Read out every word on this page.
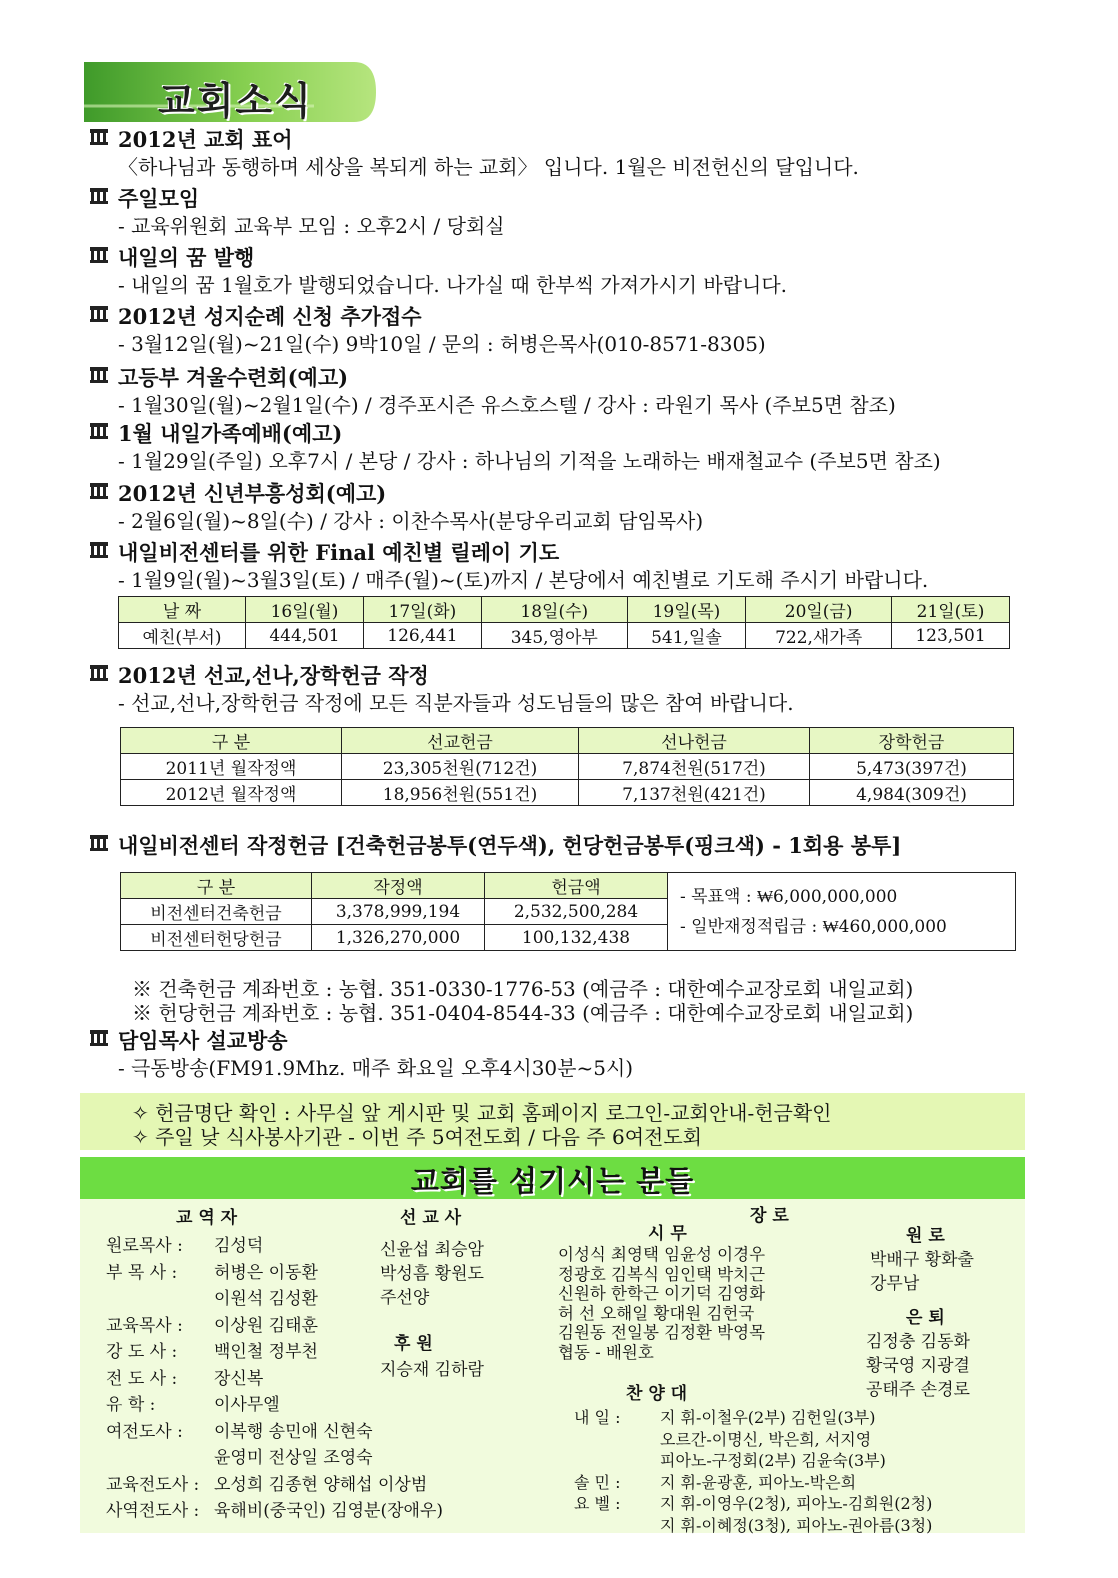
교회소식
2012년 교회 표어
〈하나님과 동행하며 세상을 복되게 하는 교회〉 입니다. 1월은 비전헌신의 달입니다.
주일모임
- 교육위원회 교육부 모임 : 오후2시 / 당회실
내일의 꿈 발행
- 내일의 꿈 1월호가 발행되었습니다. 나가실 때 한부씩 가져가시기 바랍니다.
2012년 성지순례 신청 추가접수
- 3월12일(월)~21일(수) 9박10일 / 문의 : 허병은목사(010-8571-8305)
고등부 겨울수련회(예고)
- 1월30일(월)~2월1일(수) / 경주포시즌 유스호스텔 / 강사 : 라원기 목사 (주보5면 참조)
1월 내일가족예배(예고)
- 1월29일(주일) 오후7시 / 본당 / 강사 : 하나님의 기적을 노래하는 배재철교수 (주보5면 참조)
2012년 신년부흥성회(예고)
- 2월6일(월)~8일(수) / 강사 : 이찬수목사(분당우리교회 담임목사)
내일비전센터를 위한 Final 예친별 릴레이 기도
- 1월9일(월)~3월3일(토) / 매주(월)~(토)까지 / 본당에서 예친별로 기도해 주시기 바랍니다.
2012년 선교,선나,장학헌금 작정
- 선교,선나,장학헌금 작정에 모든 직분자들과 성도님들의 많은 참여 바랍니다.
내일비전센터 작정헌금 [건축헌금봉투(연두색), 헌당헌금봉투(핑크색) - 1회용 봉투]
담임목사 설교방송
- 극동방송(FM91.9Mhz. 매주 화요일 오후4시30분~5시)
날 짜	16일(월)	17일(화)	18일(수)	19일(목)	20일(금)	21일(토)
예친(부서)	444,501	126,441	345,영아부	541,일솔	722,새가족	123,501
구 분	선교헌금	선나헌금	장학헌금
2011년 월작정액	23,305천원(712건)	7,874천원(517건)	5,473(397건)
2012년 월작정액	18,956천원(551건)	7,137천원(421건)	4,984(309건)
구 분	작정액	헌금액	- 목표액 : ₩6,000,000,000
- 일반재정적립금 : ₩460,000,000

비전센터건축헌금	3,378,999,194	2,532,500,284	
비전센터헌당헌금	1,326,270,000	100,132,438	
※ 건축헌금 계좌번호 : 농협. 351-0330-1776-53 (예금주 : 대한예수교장로회 내일교회)
※ 헌당헌금 계좌번호 : 농협. 351-0404-8544-33 (예금주 : 대한예수교장로회 내일교회)
✧ 헌금명단 확인 : 사무실 앞 게시판 및 교회 홈페이지 로그인-교회안내-헌금확인
✧ 주일 낮 식사봉사기관 - 이번 주 5여전도회 / 다음 주 6여전도회
교회를 섬기시는 분들
교 역 자
원로목사 : 김성덕
부 목 사 : 허병은 이동환
이원석 김성환
교육목사 : 이상원 김태훈
강 도 사 : 백인철 정부천
전 도 사 : 장신복
유 학 :	이사무엘
여전도사 : 이복행 송민애 신현숙
윤영미 전상일 조영숙
교육전도사 : 오성희 김종현 양해섭 이상범
사역전도사 : 육해비(중국인) 김영분(장애우)
선 교 사
신윤섭 최승암
박성흠 황원도
주선양
후 원
지승재 김하람
장 로
시 무
이성식 최영택 임윤성 이경우
정광호 김복식 임인택 박치근
신원하 한학근 이기덕 김영화
허 선 오해일 황대원 김헌국
김원동 전일봉 김정환 박영목
협동 - 배원호
원 로
박배구 황화출
강무남
은 퇴
김정충 김동화
황국영 지광결
공태주 손경로
찬 양 대
내 일 : 지 휘-이철우(2부) 김헌일(3부)
오르간-이명신, 박은희, 서지영
피아노-구정회(2부) 김윤숙(3부)
솔 민 : 지 휘-윤광훈, 피아노-박은희
요 벨 : 지 휘-이영우(2청), 피아노-김희원(2청)
지 휘-이혜정(3청), 피아노-권아름(3청)
